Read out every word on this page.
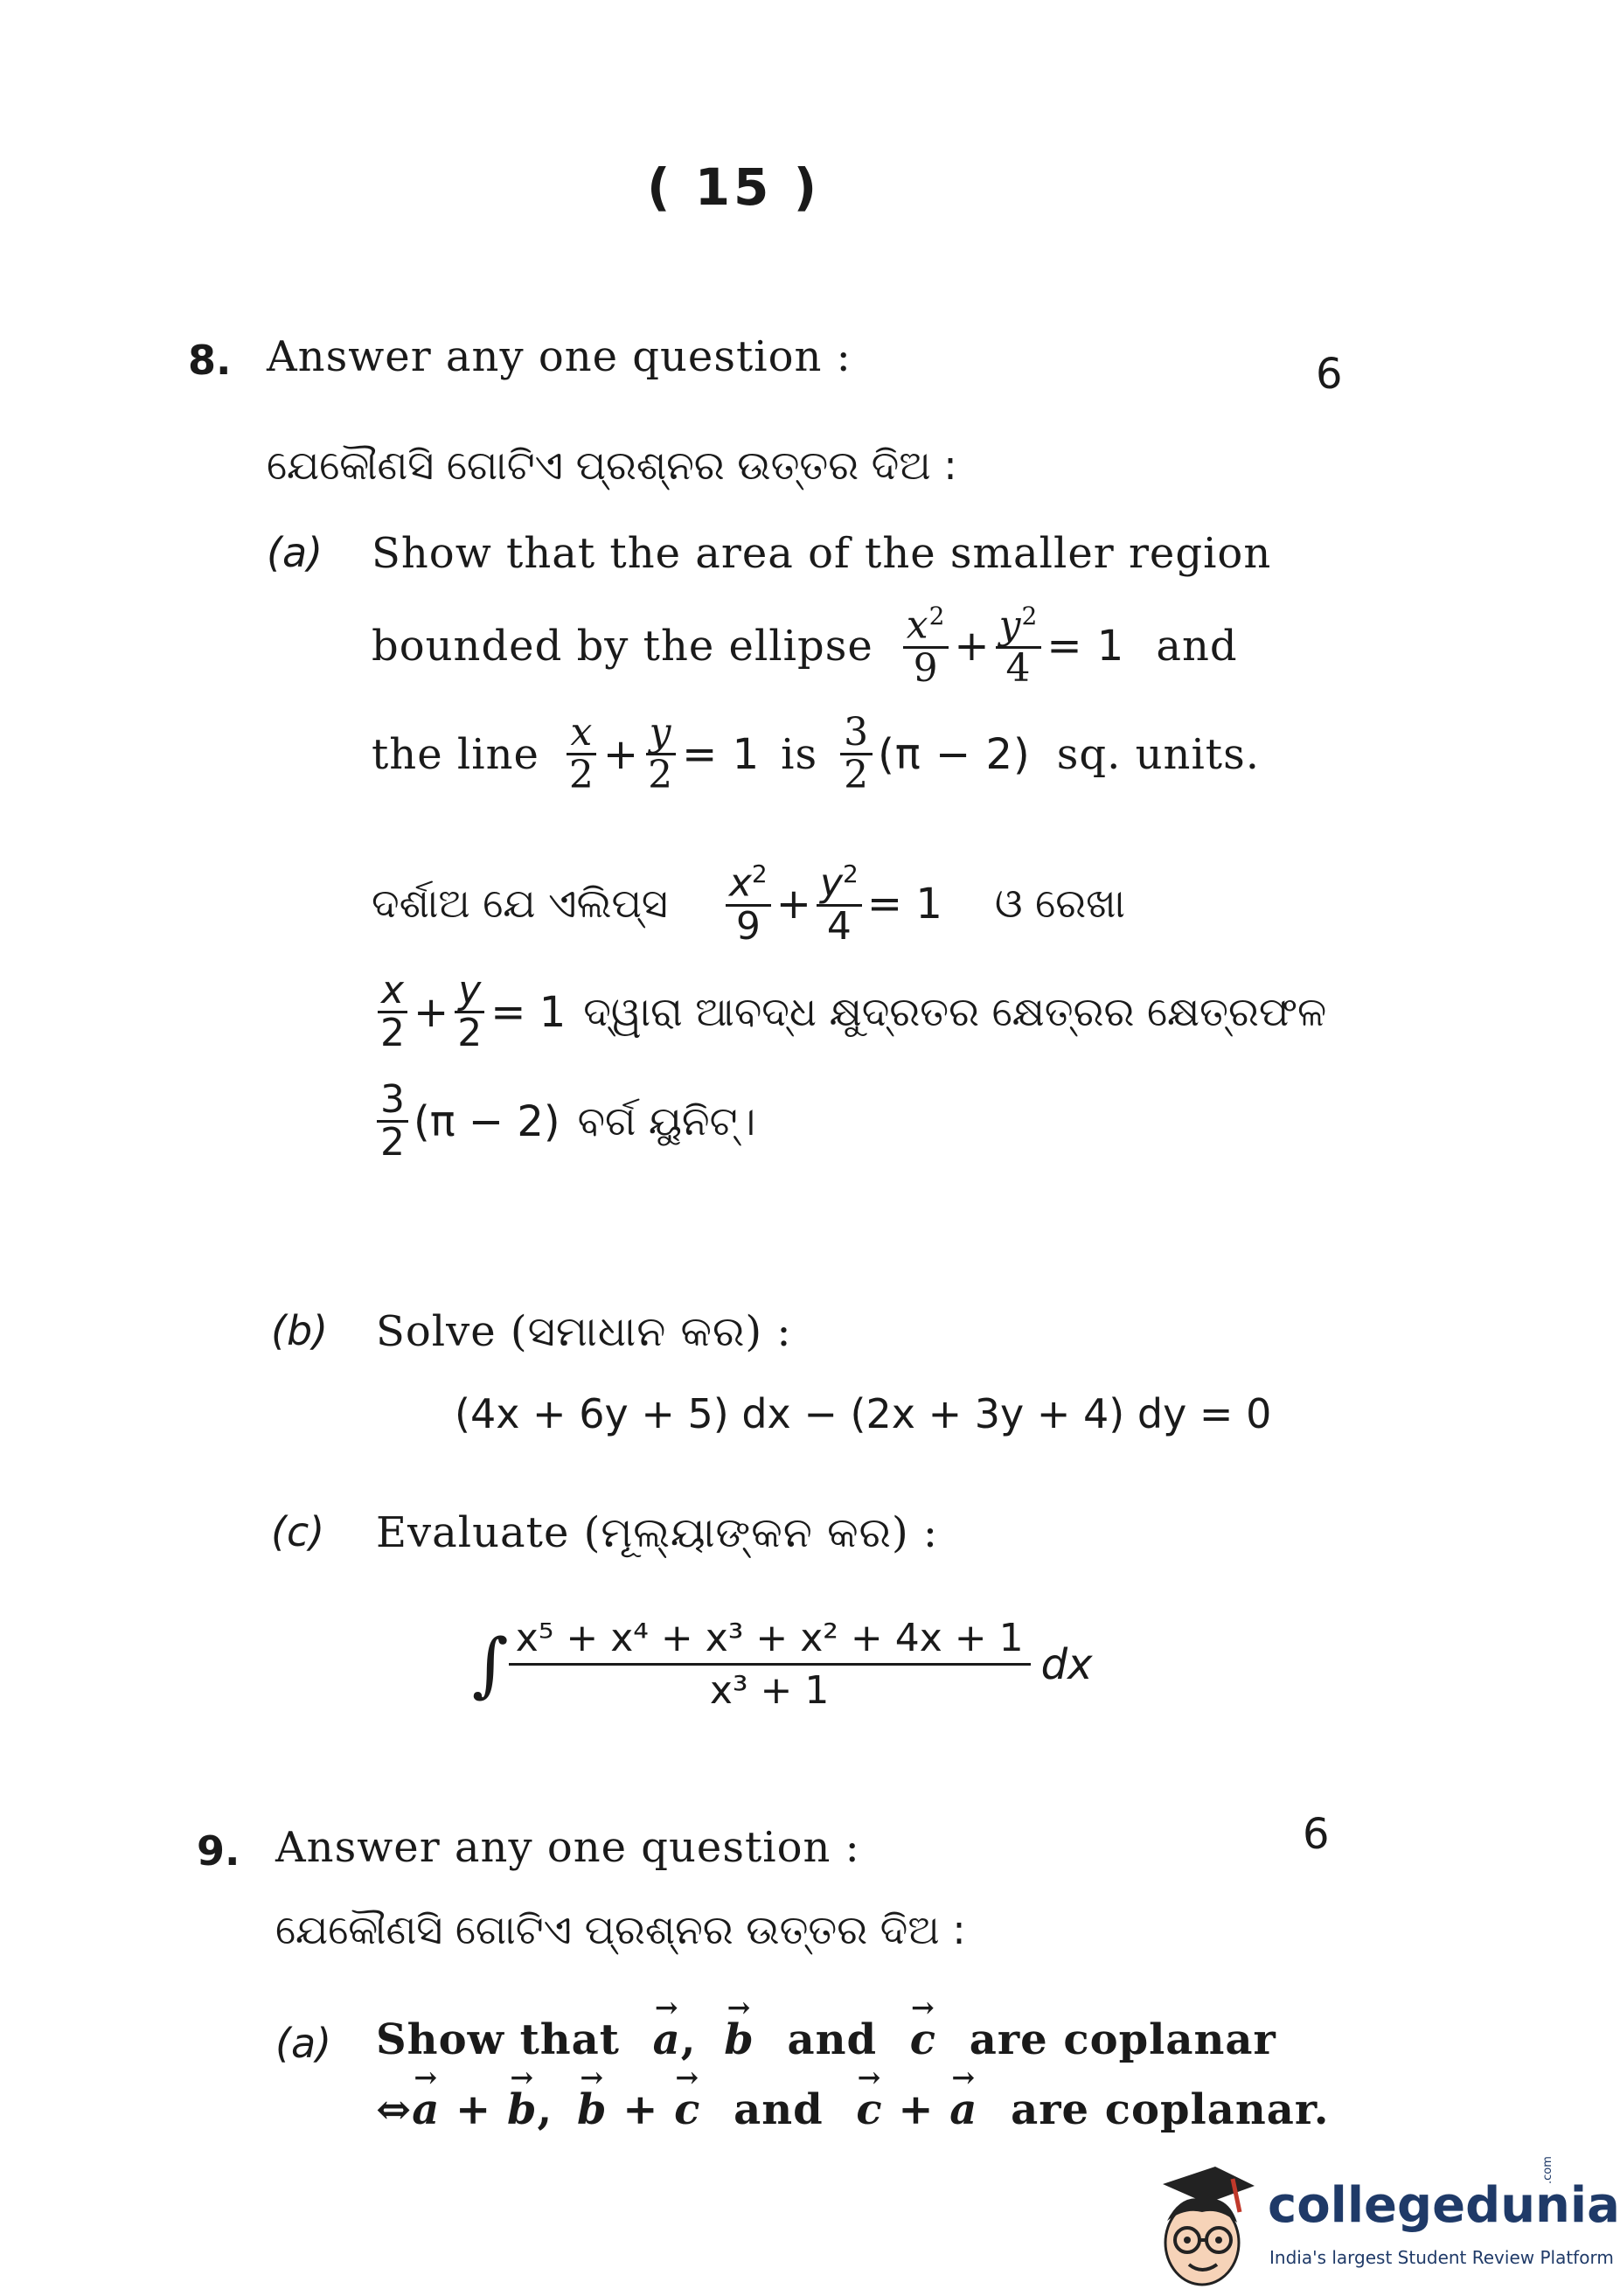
( 15 )
8. Answer any one question :	6
ଯେକୌଣସି ଗୋଟିଏ ପ୍ରଶ୍ନର ଉତ୍ତର ଦିଅ :
(a) Show that the area of the smaller region
bounded by the ellipse $\frac{x^2}{9} + \frac{y^2}{4} = 1$ and
the line $\frac{x}{2} + \frac{y}{2} = 1$ is $\frac{3}{2} (\pi - 2)$ sq. units.
ଦର୍ଶାଅ ଯେ ଏଲିପ୍ସ $\frac{x^2}{9} + \frac{y^2}{4} = 1$ ଓ ରେଖା
$\frac{x}{2} + \frac{y}{2} = 1$ ଦ୍ୱାରା ଆବଦ୍ଧ କ୍ଷୁଦ୍ରତର କ୍ଷେତ୍ରର କ୍ଷେତ୍ରଫଳ
$\frac{3}{2} (\pi - 2)$ ବର୍ଗ ୟୁନିଟ୍।
(b) Solve (ସମାଧାନ କର) :
(4x + 6y + 5) dx − (2x + 3y + 4) dy = 0
(c) Evaluate (ମୂଲ୍ୟାଙ୍କନ କର) :
∫ $\frac{\text{x⁵ + x⁴ + x³ + x² + 4x + 1}}{\text{x³ + 1}}$ dx
9. Answer any one question :	6
ଯେକୌଣସି ଗୋଟିଏ ପ୍ରଶ୍ନର ଉତ୍ତର ଦିଅ :
(a) Show that → a, → b and → c are coplanar
⇔→ a + → b, → b + → c and → c + → a are coplanar.
collegedunia
.com
India's largest Student Review Platform
